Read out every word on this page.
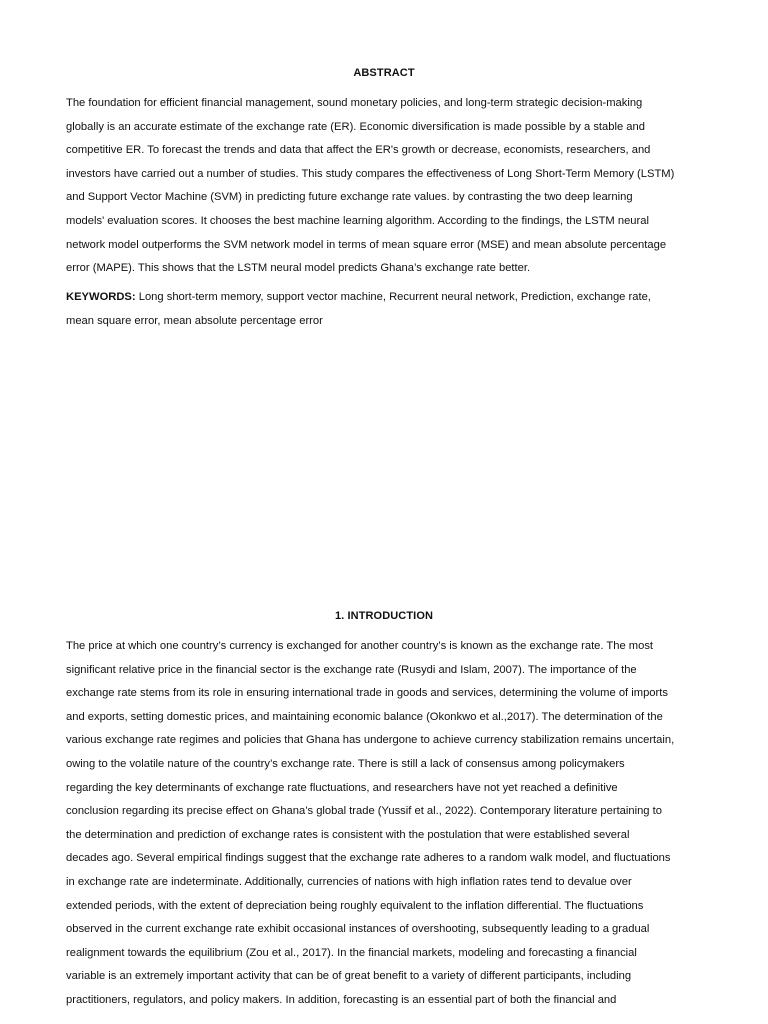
ABSTRACT
The foundation for efficient financial management, sound monetary policies, and long-term strategic decision-making
globally is an accurate estimate of the exchange rate (ER). Economic diversification is made possible by a stable and
competitive ER. To forecast the trends and data that affect the ER's growth or decrease, economists, researchers, and
investors have carried out a number of studies. This study compares the effectiveness of Long Short-Term Memory (LSTM)
and Support Vector Machine (SVM) in predicting future exchange rate values. by contrasting the two deep learning
models' evaluation scores. It chooses the best machine learning algorithm. According to the findings, the LSTM neural
network model outperforms the SVM network model in terms of mean square error (MSE) and mean absolute percentage
error (MAPE). This shows that the LSTM neural model predicts Ghana’s exchange rate better.
KEYWORDS: Long short-term memory, support vector machine, Recurrent neural network, Prediction, exchange rate,
mean square error, mean absolute percentage error
1. INTRODUCTION
The price at which one country’s currency is exchanged for another country’s is known as the exchange rate. The most
significant relative price in the financial sector is the exchange rate (Rusydi and Islam, 2007). The importance of the
exchange rate stems from its role in ensuring international trade in goods and services, determining the volume of imports
and exports, setting domestic prices, and maintaining economic balance (Okonkwo et al.,2017). The determination of the
various exchange rate regimes and policies that Ghana has undergone to achieve currency stabilization remains uncertain,
owing to the volatile nature of the country’s exchange rate. There is still a lack of consensus among policymakers
regarding the key determinants of exchange rate fluctuations, and researchers have not yet reached a definitive
conclusion regarding its precise effect on Ghana’s global trade (Yussif et al., 2022). Contemporary literature pertaining to
the determination and prediction of exchange rates is consistent with the postulation that were established several
decades ago. Several empirical findings suggest that the exchange rate adheres to a random walk model, and fluctuations
in exchange rate are indeterminate. Additionally, currencies of nations with high inflation rates tend to devalue over
extended periods, with the extent of depreciation being roughly equivalent to the inflation differential. The fluctuations
observed in the current exchange rate exhibit occasional instances of overshooting, subsequently leading to a gradual
realignment towards the equilibrium (Zou et al., 2017). In the financial markets, modeling and forecasting a financial
variable is an extremely important activity that can be of great benefit to a variety of different participants, including
practitioners, regulators, and policy makers. In addition, forecasting is an essential part of both the financial and
